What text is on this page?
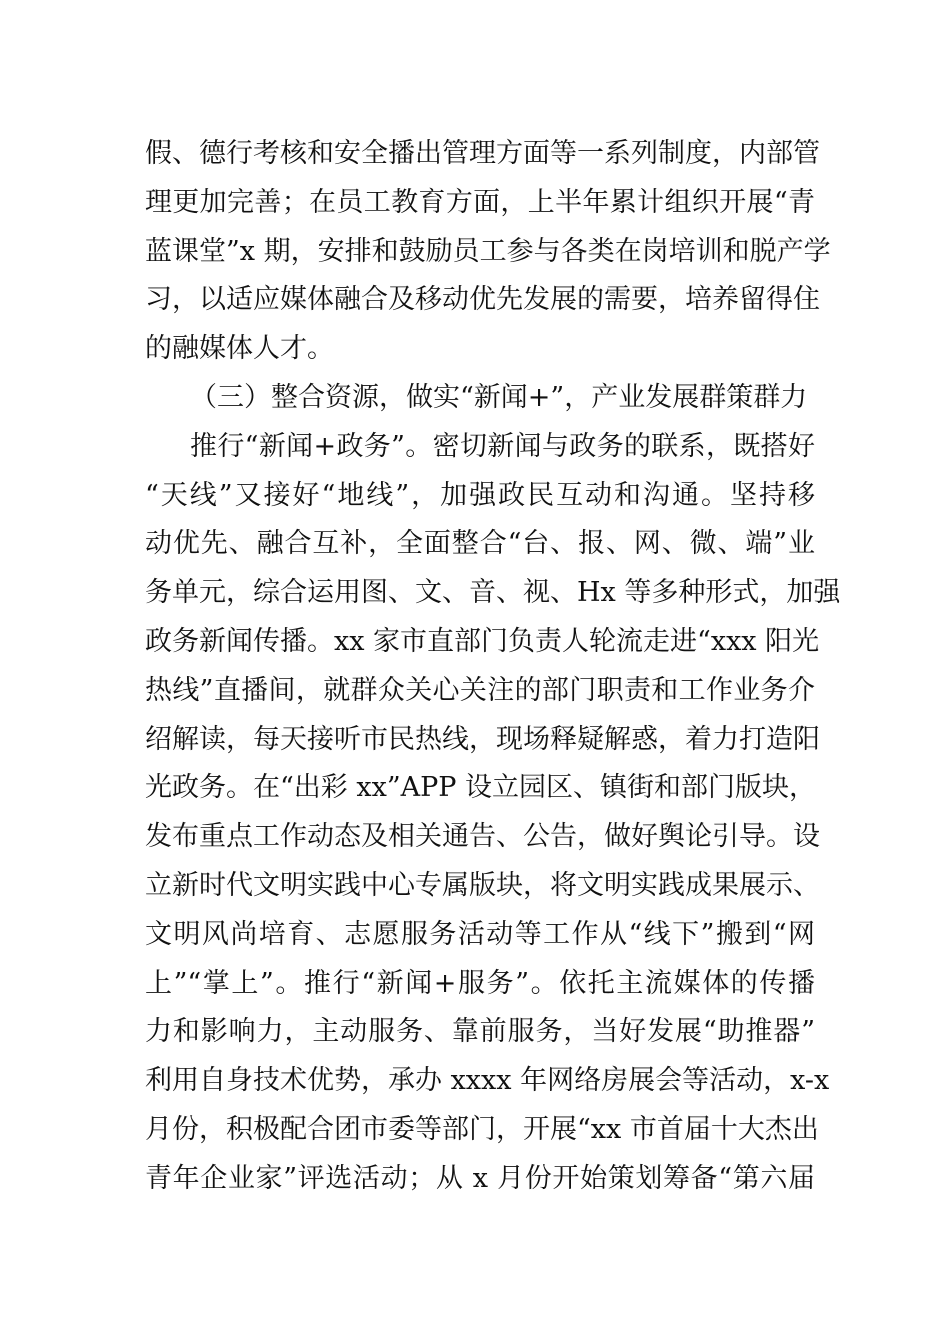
假、德行考核和安全播出管理方面等一系列制度，内部管
理更加完善；在员工教育方面，上半年累计组织开展“青
蓝课堂”x 期，安排和鼓励员工参与各类在岗培训和脱产学
习，以适应媒体融合及移动优先发展的需要，培养留得住
的融媒体人才。
（三）整合资源，做实“新闻+”，产业发展群策群力
推行“新闻+政务”。密切新闻与政务的联系，既搭好
“天线”又接好“地线”，加强政民互动和沟通。坚持移
动优先、融合互补，全面整合“台、报、网、微、端”业
务单元，综合运用图、文、音、视、Hx 等多种形式，加强
政务新闻传播。xx 家市直部门负责人轮流走进“xxx 阳光
热线”直播间，就群众关心关注的部门职责和工作业务介
绍解读，每天接听市民热线，现场释疑解惑，着力打造阳
光政务。在“出彩 xx”APP 设立园区、镇街和部门版块，
发布重点工作动态及相关通告、公告，做好舆论引导。设
立新时代文明实践中心专属版块，将文明实践成果展示、
文明风尚培育、志愿服务活动等工作从“线下”搬到“网
上”“掌上”。推行“新闻+服务”。依托主流媒体的传播
力和影响力，主动服务、靠前服务，当好发展“助推器”
利用自身技术优势，承办 xxxx 年网络房展会等活动，x-x
月份，积极配合团市委等部门，开展“xx 市首届十大杰出
青年企业家”评选活动；从 x 月份开始策划筹备“第六届
